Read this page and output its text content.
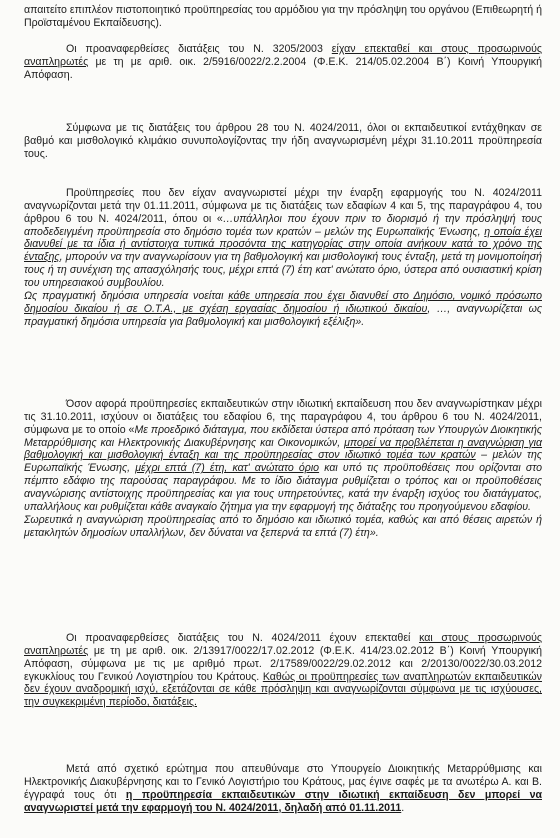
απαιτείτο επιπλέον πιστοποιητικό προϋπηρεσίας του αρμόδιου για την πρόσληψη του οργάνου (Επιθεωρητή ή Προϊσταμένου Εκπαίδευσης).

Οι προαναφερθείσες διατάξεις του Ν. 3205/2003 είχαν επεκταθεί και στους προσωρινούς αναπληρωτές με τη με αριθ. οικ. 2/5916/0022/2.2.2004 (Φ.Ε.Κ. 214/05.02.2004 Β΄) Κοινή Υπουργική Απόφαση.

Σύμφωνα με τις διατάξεις του άρθρου 28 του Ν. 4024/2011, όλοι οι εκπαιδευτικοί εντάχθηκαν σε βαθμό και μισθολογικό κλιμάκιο συνυπολογίζοντας την ήδη αναγνωρισμένη μέχρι 31.10.2011 προϋπηρεσία τους.

Προϋπηρεσίες που δεν είχαν αναγνωριστεί μέχρι την έναρξη εφαρμογής του Ν. 4024/2011 αναγνωρίζονται μετά την 01.11.2011, σύμφωνα με τις διατάξεις των εδαφίων 4 και 5, της παραγράφου 4, του άρθρου 6 του Ν. 4024/2011, όπου οι «…υπάλληλοι που έχουν πριν το διορισμό ή την πρόσληψή τους αποδεδειγμένη προϋπηρεσία στο δημόσιο τομέα των κρατών – μελών της Ευρωπαϊκής Ένωσης, η οποία έχει διανυθεί με τα ίδια ή αντίστοιχα τυπικά προσόντα της κατηγορίας στην οποία ανήκουν κατά το χρόνο της ένταξης, μπορούν να την αναγνωρίσουν για τη βαθμολογική και μισθολογική τους ένταξη, μετά τη μονιμοποίησή τους ή τη συνέχιση της απασχόλησής τους, μέχρι επτά (7) έτη κατ' ανώτατο όριο, ύστερα από ουσιαστική κρίση του υπηρεσιακού συμβουλίου.
Ως πραγματική δημόσια υπηρεσία νοείται κάθε υπηρεσία που έχει διανυθεί στο Δημόσιο, νομικό πρόσωπο δημοσίου δικαίου ή σε Ο.Τ.Α., με σχέση εργασίας δημοσίου ή ιδιωτικού δικαίου, …, αναγνωρίζεται ως πραγματική δημόσια υπηρεσία για βαθμολογική και μισθολογική εξέλιξη».

Όσον αφορά προϋπηρεσίες εκπαιδευτικών στην ιδιωτική εκπαίδευση που δεν αναγνωρίστηκαν μέχρι τις 31.10.2011, ισχύουν οι διατάξεις του εδαφίου 6, της παραγράφου 4, του άρθρου 6 του Ν. 4024/2011, σύμφωνα με το οποίο «Με προεδρικό διάταγμα, που εκδίδεται ύστερα από πρόταση των Υπουργών Διοικητικής Μεταρρύθμισης και Ηλεκτρονικής Διακυβέρνησης και Οικονομικών, μπορεί να προβλέπεται η αναγνώριση για βαθμολογική και μισθολογική ένταξη και της προϋπηρεσίας στον ιδιωτικό τομέα των κρατών – μελών της Ευρωπαϊκής Ένωσης, μέχρι επτά (7) έτη, κατ' ανώτατο όριο και υπό τις προϋποθέσεις που ορίζονται στο πέμπτο εδάφιο της παρούσας παραγράφου. Με το ίδιο διάταγμα ρυθμίζεται ο τρόπος και οι προϋποθέσεις αναγνώρισης αντίστοιχης προϋπηρεσίας και για τους υπηρετούντες, κατά την έναρξη ισχύος του διατάγματος, υπαλλήλους και ρυθμίζεται κάθε αναγκαίο ζήτημα για την εφαρμογή της διάταξης του προηγούμενου εδαφίου.
Σωρευτικά η αναγνώριση προϋπηρεσίας από το δημόσιο και ιδιωτικό τομέα, καθώς και από θέσεις αιρετών ή μετακλητών δημοσίων υπαλλήλων, δεν δύναται να ξεπερνά τα επτά (7) έτη».

Οι προαναφερθείσες διατάξεις του Ν. 4024/2011 έχουν επεκταθεί και στους προσωρινούς αναπληρωτές με τη με αριθ. οικ. 2/13917/0022/17.02.2012 (Φ.Ε.Κ. 414/23.02.2012 Β΄) Κοινή Υπουργική Απόφαση, σύμφωνα με τις με αριθμό πρωτ. 2/17589/0022/29.02.2012 και 2/20130/0022/30.03.2012 εγκυκλίους του Γενικού Λογιστηρίου του Κράτους. Καθώς οι προϋπηρεσίες των αναπληρωτών εκπαιδευτικών δεν έχουν αναδρομική ισχύ, εξετάζονται σε κάθε πρόσληψη και αναγνωρίζονται σύμφωνα με τις ισχύουσες, την συγκεκριμένη περίοδο, διατάξεις.

Μετά από σχετικό ερώτημα που απευθύναμε στο Υπουργείο Διοικητικής Μεταρρύθμισης και Ηλεκτρονικής Διακυβέρνησης και το Γενικό Λογιστήριο του Κράτους, μας έγινε σαφές με τα ανωτέρω Α. και Β. έγγραφά τους ότι η προϋπηρεσία εκπαιδευτικών στην ιδιωτική εκπαίδευση δεν μπορεί να αναγνωριστεί μετά την εφαρμογή του Ν. 4024/2011, δηλαδή από 01.11.2011.
